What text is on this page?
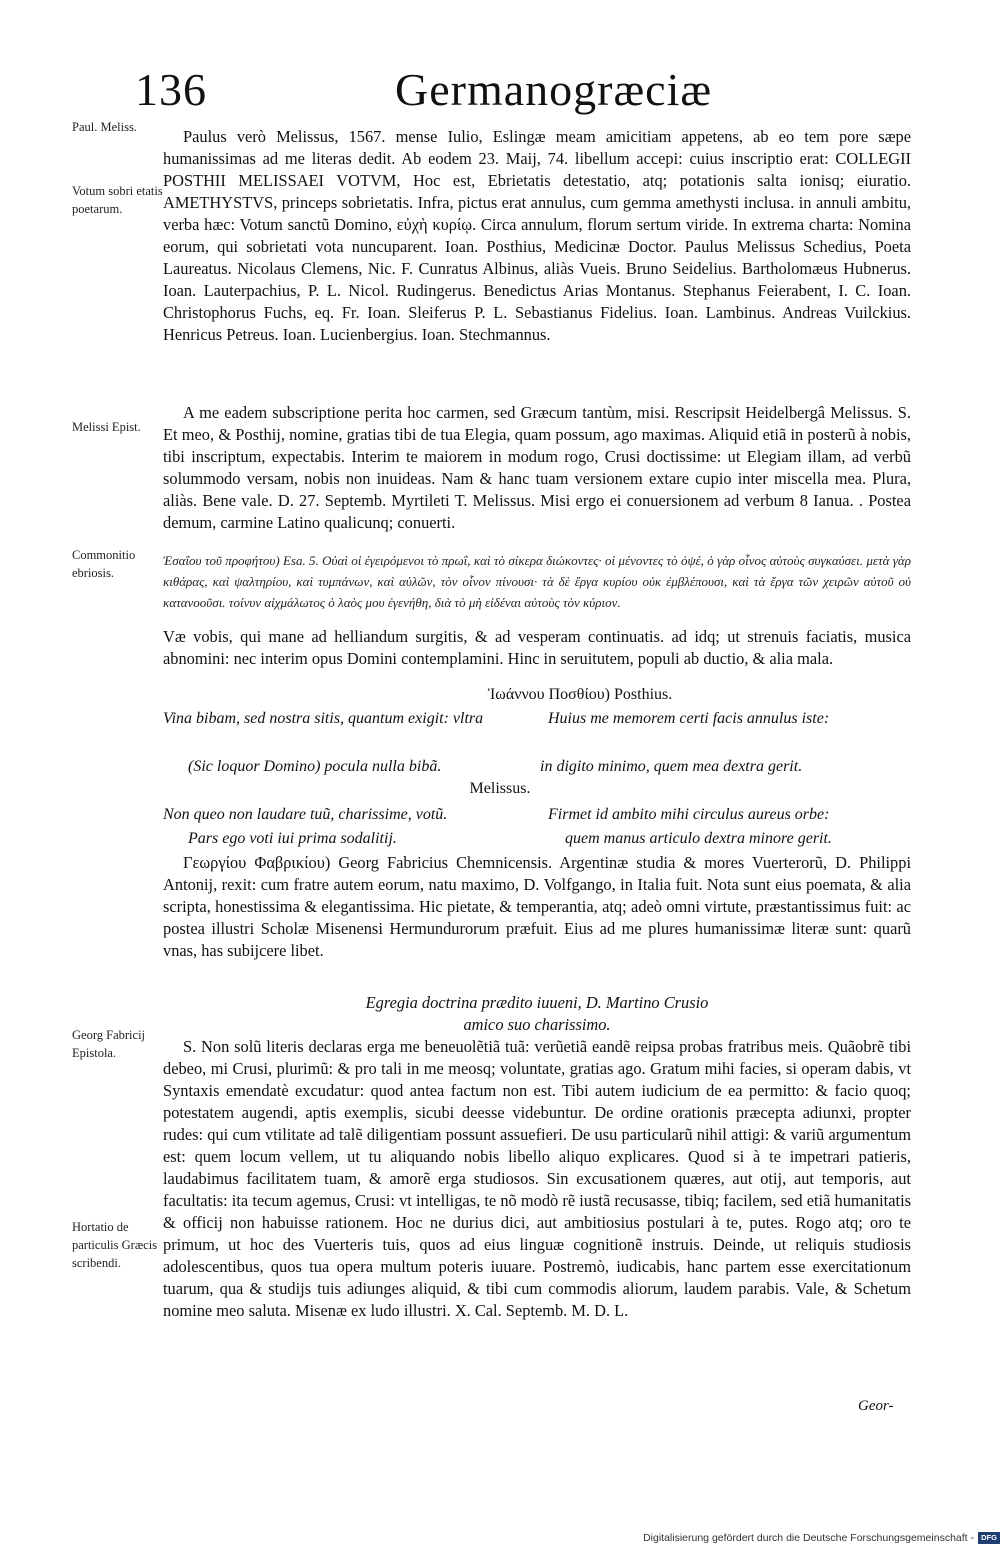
136	Germanogræciæ
Paul. Meliss.
Votum sobri etatis poetarum.
Melissi Epist.
Commonitio ebriosis.
Georg Fabricij Epistola.
Hortatio de particulis Græcis scribendi.

Paulus verò Melissus, 1567. mense Iulio, Eslingæ meam amicitiam appetens, ab eo tem pore sæpe humanissimas ad me literas dedit. Ab eodem 23. Maij, 74. libellum accepi: cuius inscriptio erat: COLLEGII POSTHII MELISSAEI VOTVM, Hoc est, Ebrietatis detestatio, atq; potationis salta ionisq; eiuratio. AMETHYSTVS, princeps sobrietatis. Infra, pictus erat annulus, cum gemma amethysti inclusa. in annuli ambitu, verba hæc: Votum sanctũ Domino, εὐχὴ κυρίῳ. Circa annulum, florum sertum viride. In extrema charta: Nomina eorum, qui sobrietati vota nuncuparent. Ioan. Posthius, Medicinæ Doctor. Paulus Melissus Schedius, Poeta Laureatus. Nicolaus Clemens, Nic. F. Cunratus Albinus, aliàs Vueis. Bruno Seidelius. Bartholomæus Hubnerus. Ioan. Lauterpachius, P. L. Nicol. Rudingerus. Benedictus Arias Montanus. Stephanus Feierabent, I. C. Ioan. Christophorus Fuchs, eq. Fr. Ioan. Sleiferus P. L. Sebastianus Fidelius. Ioan. Lambinus. Andreas Vuilckius. Henricus Petreus. Ioan. Lucienbergius. Ioan. Stechmannus.

A me eadem subscriptione perita hoc carmen, sed Græcum tantùm, misi. Rescripsit Heidelbergâ Melissus. S. Et meo, & Posthij, nomine, gratias tibi de tua Elegia, quam possum, ago maximas. Aliquid etiã in posterũ à nobis, tibi inscriptum, expectabis. Interim te maiorem in modum rogo, Crusi doctissime: ut Elegiam illam, ad verbũ solummodo versam, nobis non inuideas. Nam & hanc tuam versionem extare cupio inter miscella mea. Plura, aliàs. Bene vale. D. 27. Septemb. Myrtileti T. Melissus. Misi ergo ei conuersionem ad verbum 8 Ianua. . Postea demum, carmine Latino qualicunq; conuerti.

Ἐσαΐου τοῦ προφήτου) Esa. 5. Οὐαὶ οἱ ἐγειρόμενοι τὸ πρωΐ, καὶ τὸ σίκερα διώκοντες· οἱ μένοντες τὸ ὀψέ, ὁ γὰρ οἶνος αὐτοὺς συγκαύσει. μετὰ γὰρ κιθάρας, καὶ ψαλτηρίου, καὶ τυμπάνων, καὶ αὐλῶν, τὸν οἶνον πίνουσι· τὰ δὲ ἔργα κυρίου οὐκ ἐμβλέπουσι, καὶ τὰ ἔργα τῶν χειρῶν αὐτοῦ οὐ κατανοοῦσι. τοίνυν αἰχμάλωτος ὁ λαὸς μου ἐγενήθη, διὰ τὸ μὴ εἰδέναι αὐτοὺς τὸν κύριον.

Væ vobis, qui mane ad helliandum surgitis, & ad vesperam continuatis. ad idq; ut strenuis faciatis, musica abnomini: nec interim opus Domini contemplamini. Hinc in seruitutem, populi ab ductio, & alia mala.

Ἰωάννου Ποσθίου) Posthius.
Vina bibam, sed nostra sitis, quantum exigit: vltra	Huius me memorem certi facis annulus iste:
(Sic loquor Domino) pocula nulla bibã.	in digito minimo, quem mea dextra gerit.
Melissus.
Non queo non laudare tuũ, charissime, votũ.	Firmet id ambito mihi circulus aureus orbe:
Pars ego voti iui prima sodalitij.	quem manus articulo dextra minore gerit.

Γεωργίου Φαβρικίου) Georg Fabricius Chemnicensis. Argentinæ studia & mores Vuerterorũ, D. Philippi Antonij, rexit: cum fratre autem eorum, natu maximo, D. Volfgango, in Italia fuit. Nota sunt eius poemata, & alia scripta, honestissima & elegantissima. Hic pietate, & temperantia, atq; adeò omni virtute, præstantissimus fuit: ac postea illustri Scholæ Misenensi Hermundurorum præfuit. Eius ad me plures humanissimæ literæ sunt: quarũ vnas, has subijcere libet.

Egregia doctrina prædito iuueni, D. Martino Crusio
amico suo charissimo.

S. Non solũ literis declaras erga me beneuolẽtiã tuã: verũetiã eandẽ reipsa probas fratribus meis. Quãobrẽ tibi debeo, mi Crusi, plurimũ: & pro tali in me meosq; voluntate, gratias ago. Gratum mihi facies, si operam dabis, vt Syntaxis emendatè excudatur: quod antea factum non est. Tibi autem iudicium de ea permitto: & facio quoq; potestatem augendi, aptis exemplis, sicubi deesse videbuntur. De ordine orationis præcepta adiunxi, propter rudes: qui cum vtilitate ad talẽ diligentiam possunt assuefieri. De usu particularũ nihil attigi: & variũ argumentum est: quem locum vellem, ut tu aliquando nobis libello aliquo explicares. Quod si à te impetrari patieris, laudabimus facilitatem tuam, & amorẽ erga studiosos. Sin excusationem quæres, aut otij, aut temporis, aut facultatis: ita tecum agemus, Crusi: vt intelligas, te nõ modò rẽ iustã recusasse, tibiq; facilem, sed etiã humanitatis & officij non habuisse rationem. Hoc ne durius dici, aut ambitiosius postulari à te, putes. Rogo atq; oro te primum, ut hoc des Vuerteris tuis, quos ad eius linguæ cognitionẽ instruis. Deinde, ut reliquis studiosis adolescentibus, quos tua opera multum poteris iuuare. Postremò, iudicabis, hanc partem esse exercitationum tuarum, qua & studijs tuis adiunges aliquid, & tibi cum commodis aliorum, laudem parabis. Vale, & Schetum nomine meo saluta. Misenæ ex ludo illustri. X. Cal. Septemb. M. D. L.

Geor-
Digitalisierung gefördert durch die Deutsche Forschungsgemeinschaft - DFG
